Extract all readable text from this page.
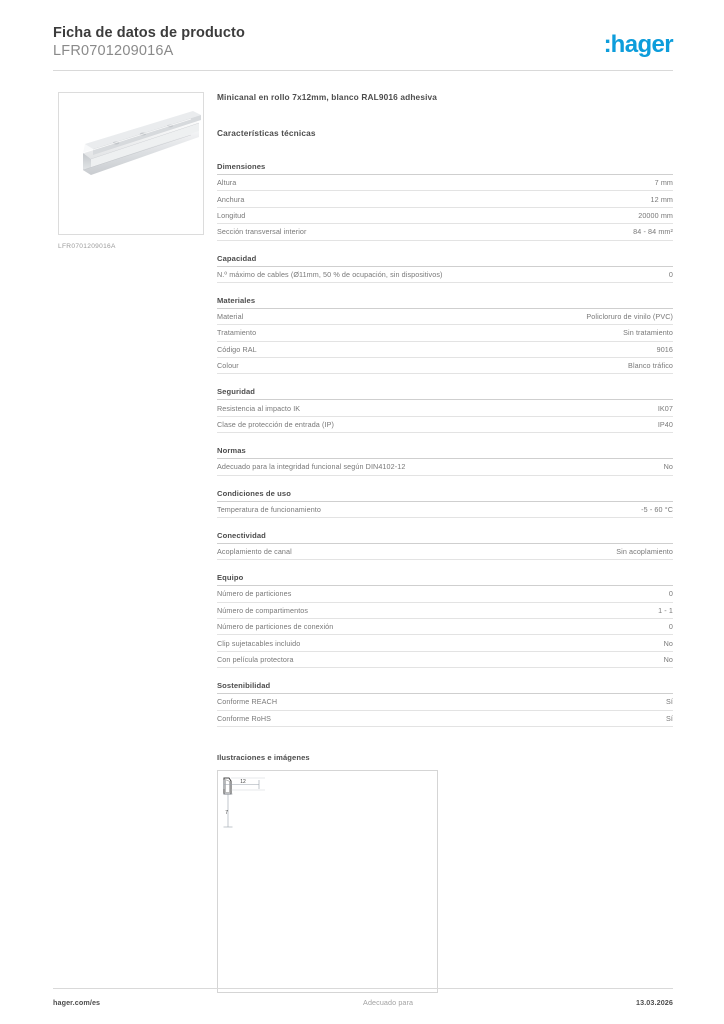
Ficha de datos de producto
LFR0701209016A	:hager
LFR0701209016A
Minicanal en rollo 7x12mm, blanco RAL9016 adhesiva
Características técnicas
Dimensiones
Altura	7 mm
Anchura	12 mm
Longitud	20000 mm
Sección transversal interior	84 - 84 mm²
Capacidad
N.º máximo de cables (Ø11mm, 50 % de ocupación, sin dispositivos)	0
Materiales
Material	Policloruro de vinilo (PVC)
Tratamiento	Sin tratamiento
Código RAL	9016
Colour	Blanco tráfico
Seguridad
Resistencia al impacto IK	IK07
Clase de protección de entrada (IP)	IP40
Normas
Adecuado para la integridad funcional según DIN4102-12	No
Condiciones de uso
Temperatura de funcionamiento	-5 - 60 °C
Conectividad
Acoplamiento de canal	Sin acoplamiento
Equipo
Número de particiones	0
Número de compartimentos	1 - 1
Número de particiones de conexión	0
Clip sujetacables incluido	No
Con película protectora	No
Sostenibilidad
Conforme REACH	Sí
Conforme RoHS	Sí
Ilustraciones e imágenes
12
7
hager.com/es	Adecuado para	13.03.2026
